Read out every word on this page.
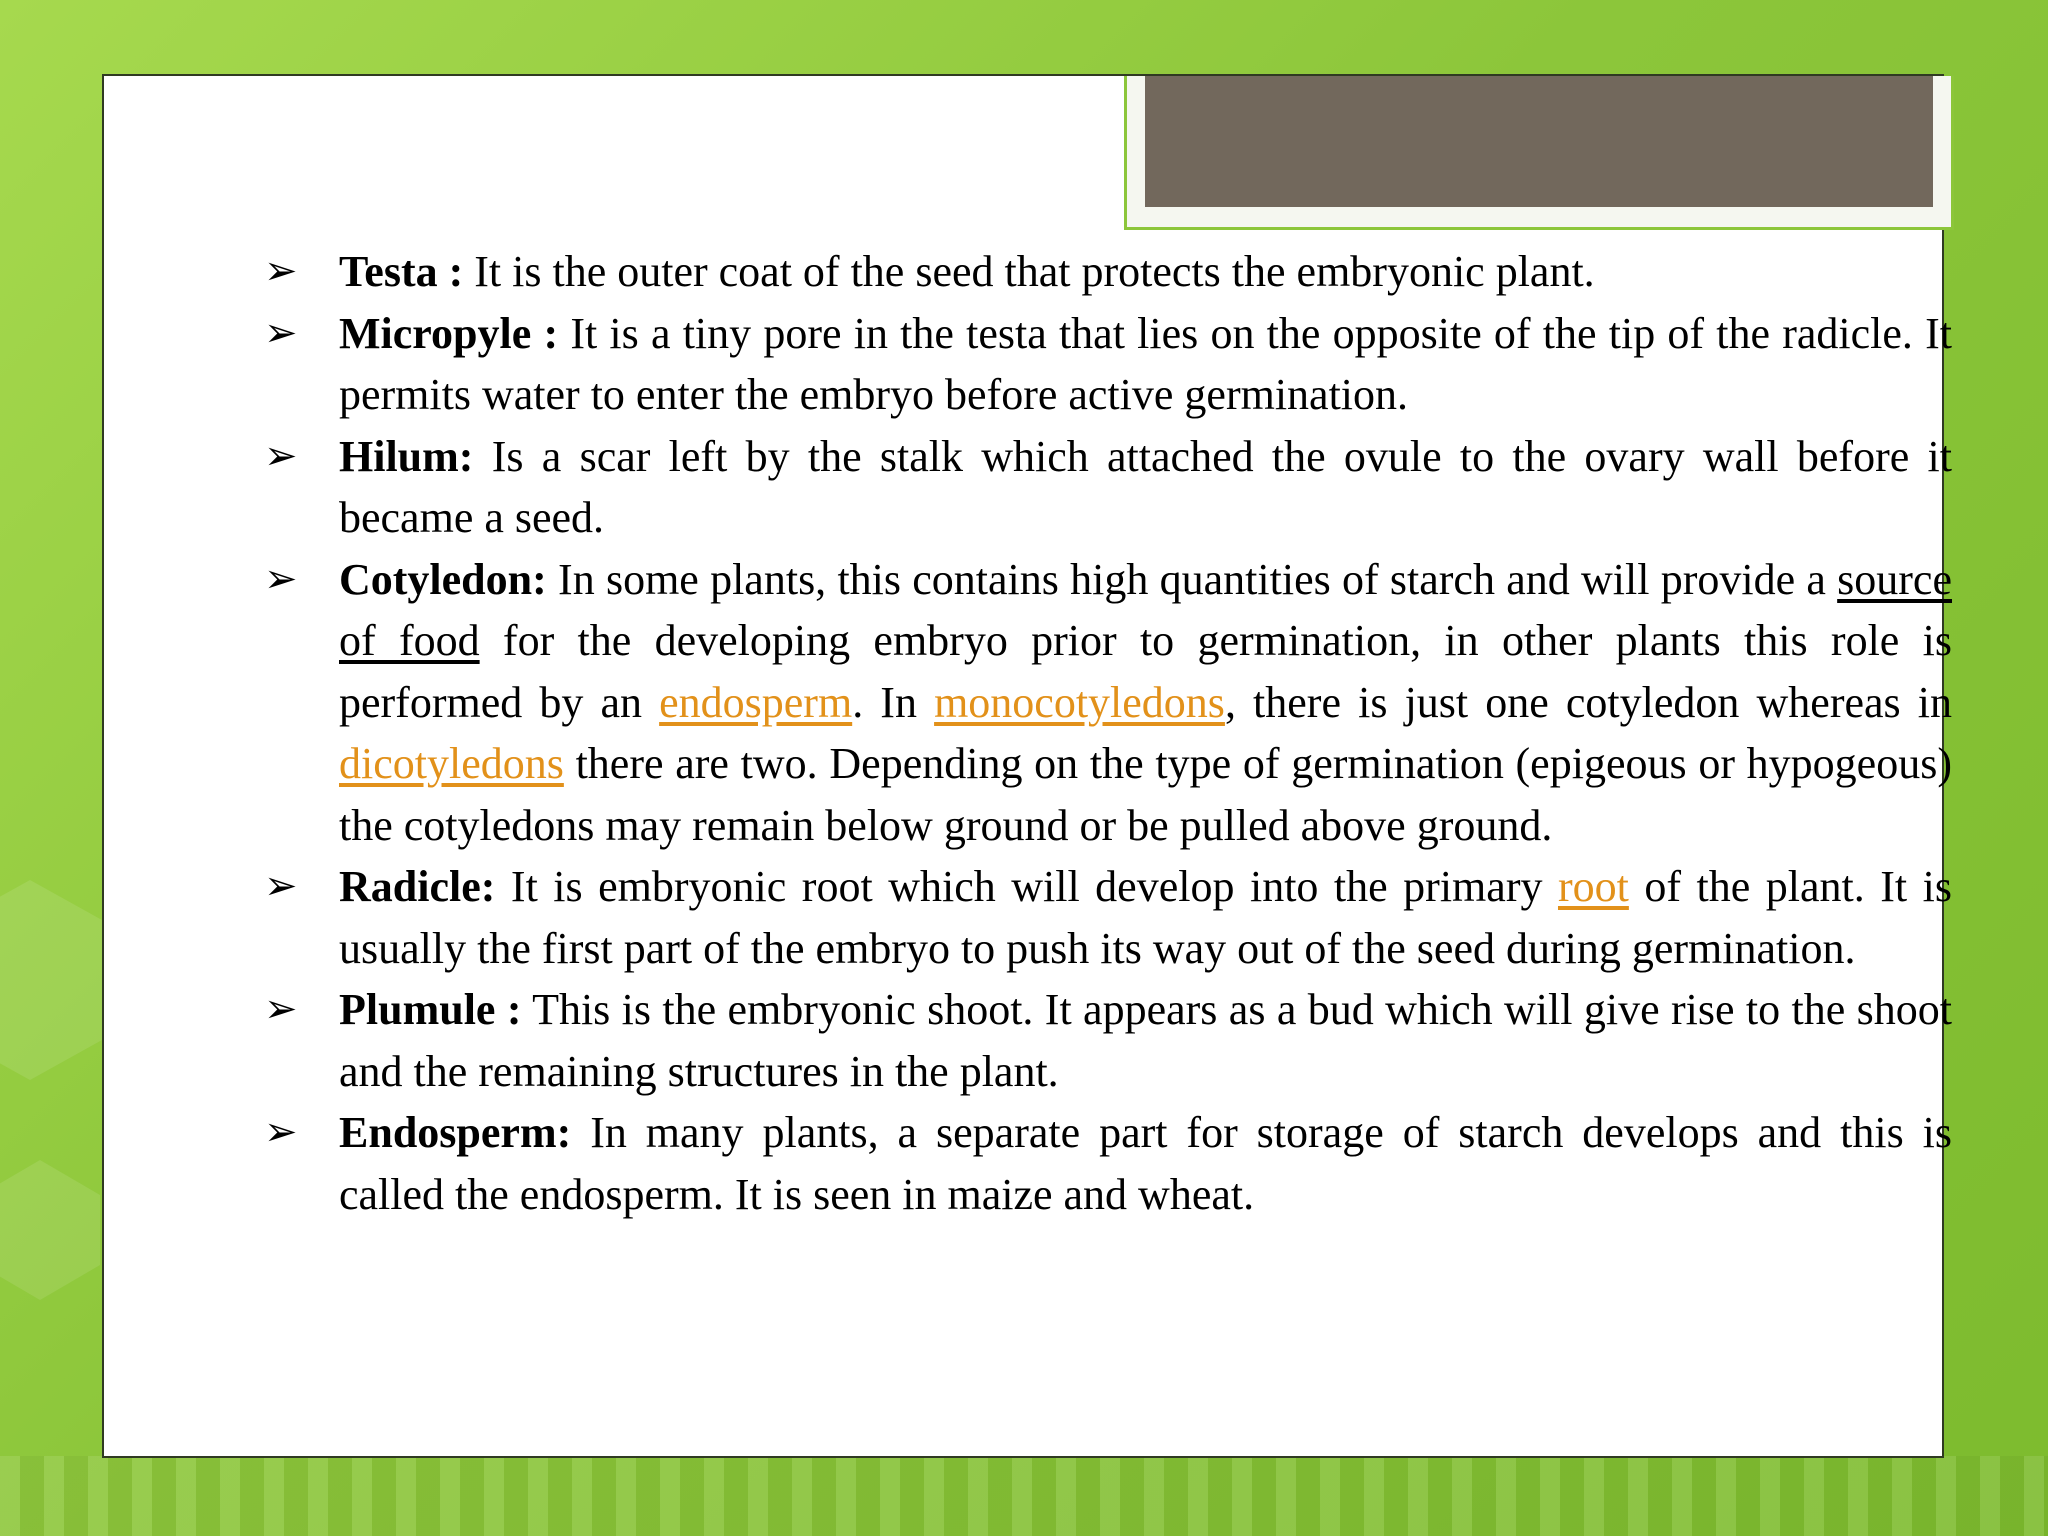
➢ Testa : It is the outer coat of the seed that protects the embryonic plant.
➢ Micropyle : It is a tiny pore in the testa that lies on the opposite of the tip of the radicle. It permits water to enter the embryo before active germination.
➢ Hilum: Is a scar left by the stalk which attached the ovule to the ovary wall before it became a seed.
➢ Cotyledon: In some plants, this contains high quantities of starch and will provide a source of food for the developing embryo prior to germination, in other plants this role is performed by an endosperm. In monocotyledons, there is just one cotyledon whereas in dicotyledons there are two. Depending on the type of germination (epigeous or hypogeous) the cotyledons may remain below ground or be pulled above ground.
➢ Radicle: It is embryonic root which will develop into the primary root of the plant. It is usually the first part of the embryo to push its way out of the seed during germination.
➢ Plumule : This is the embryonic shoot. It appears as a bud which will give rise to the shoot and the remaining structures in the plant.
➢ Endosperm: In many plants, a separate part for storage of starch develops and this is called the endosperm. It is seen in maize and wheat.
